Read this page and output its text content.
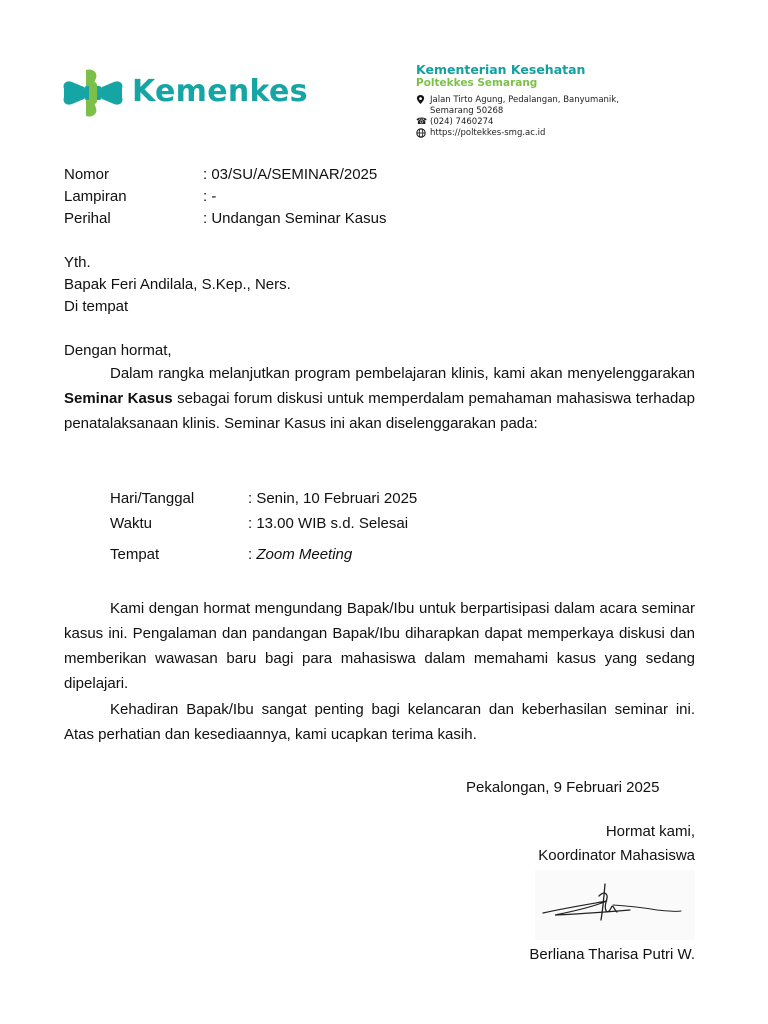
Kemenkes
Kementerian Kesehatan
Poltekkes Semarang
Jalan Tirto Agung, Pedalangan, Banyumanik,
Semarang 50268
☎ (024) 7460274
https://poltekkes-smg.ac.id
Nomor	: 03/SU/A/SEMINAR/2025
Lampiran	: -
Perihal	: Undangan Seminar Kasus
Yth.
Bapak Feri Andilala, S.Kep., Ners.
Di tempat
Dengan hormat,
Dalam rangka melanjutkan program pembelajaran klinis, kami akan menyelenggarakan Seminar Kasus sebagai forum diskusi untuk memperdalam pemahaman mahasiswa terhadap penatalaksanaan klinis. Seminar Kasus ini akan diselenggarakan pada:
Hari/Tanggal	: Senin, 10 Februari 2025
Waktu	: 13.00 WIB s.d. Selesai
Tempat	: Zoom Meeting
Kami dengan hormat mengundang Bapak/Ibu untuk berpartisipasi dalam acara seminar kasus ini. Pengalaman dan pandangan Bapak/Ibu diharapkan dapat memperkaya diskusi dan memberikan wawasan baru bagi para mahasiswa dalam memahami kasus yang sedang dipelajari.
Kehadiran Bapak/Ibu sangat penting bagi kelancaran dan keberhasilan seminar ini. Atas perhatian dan kesediaannya, kami ucapkan terima kasih.
Pekalongan, 9 Februari 2025
Hormat kami,
Koordinator Mahasiswa
Berliana Tharisa Putri W.
